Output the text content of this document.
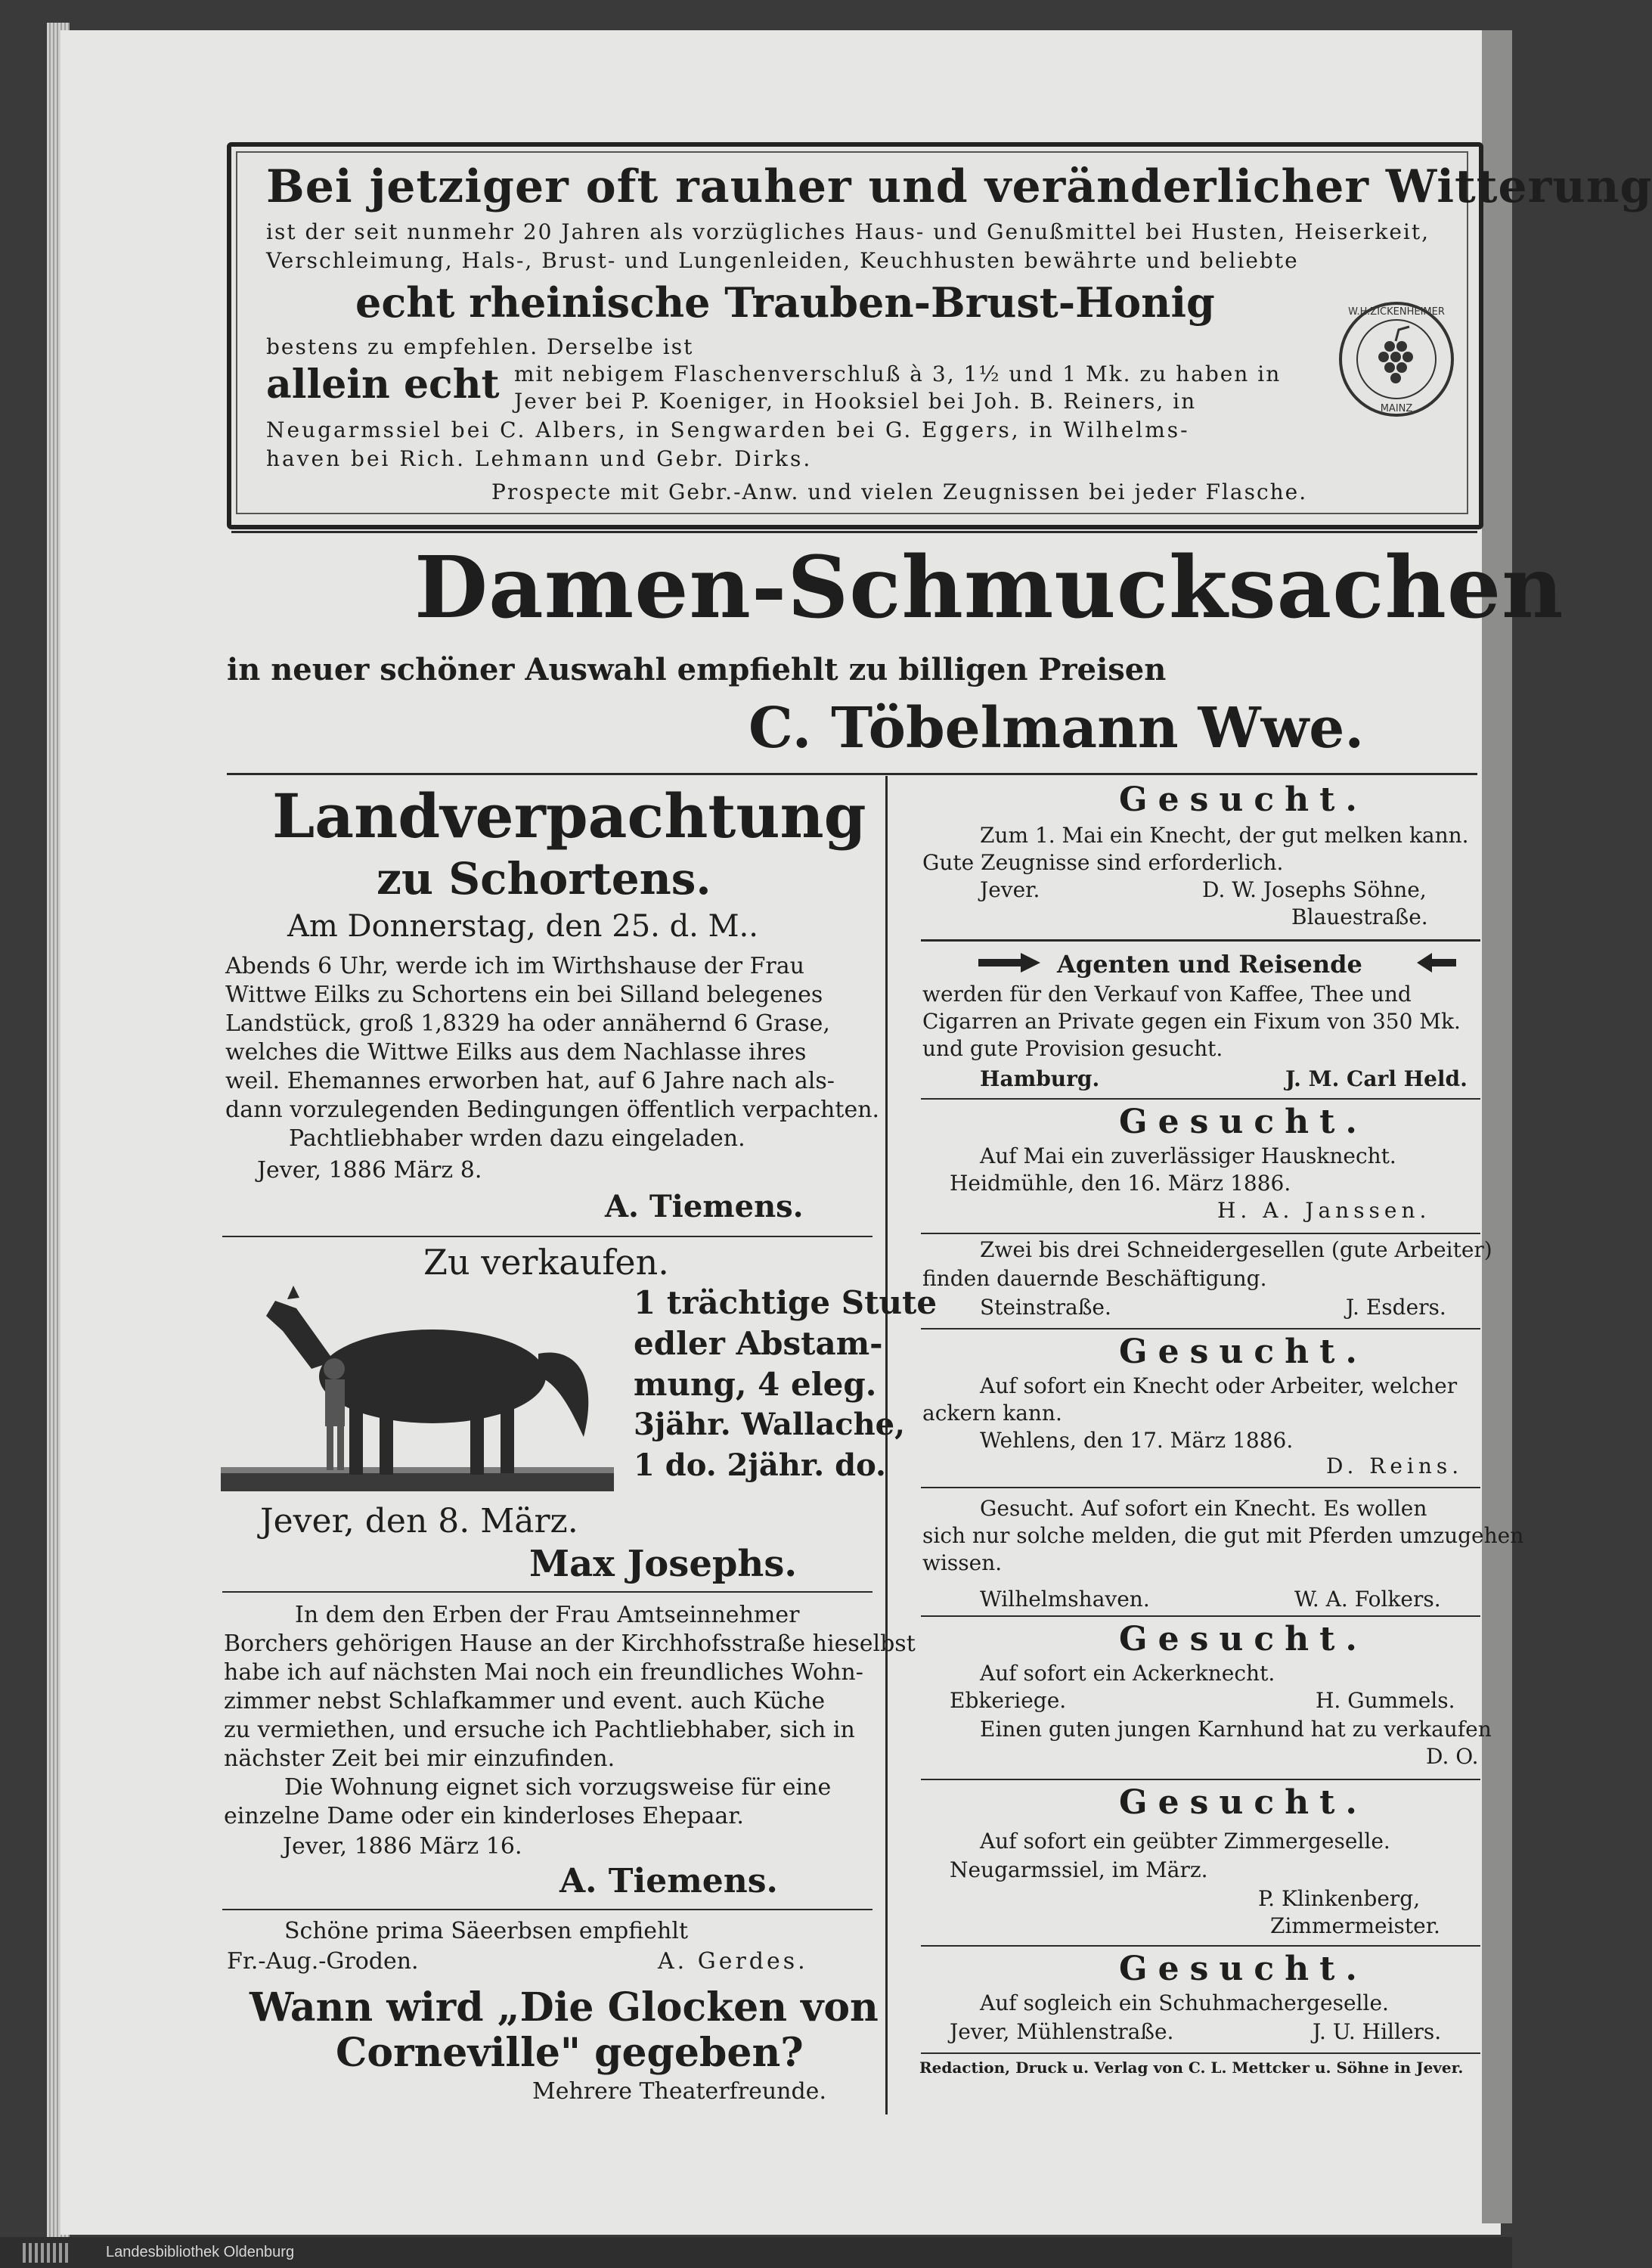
Bei jetziger oft rauher und veränderlicher Witterung
ist der seit nunmehr 20 Jahren als vorzügliches Haus- und Genußmittel bei Husten, Heiserkeit,
Verschleimung, Hals-, Brust- und Lungenleiden, Keuchhusten bewährte und beliebte
echt rheinische Trauben-Brust-Honig
bestens zu empfehlen. Derselbe ist
allein echt mit nebigem Flaschenverschluß à 3, 1½ und 1 Mk. zu haben in
Jever bei P. Koeniger, in Hooksiel bei Joh. B. Reiners, in
Neugarmssiel bei C. Albers, in Sengwarden bei G. Eggers, in Wilhelms-
haven bei Rich. Lehmann und Gebr. Dirks.
Prospecte mit Gebr.-Anw. und vielen Zeugnissen bei jeder Flasche.
W.H.ZICKENHEIMER
MAINZ
Damen-Schmucksachen
in neuer schöner Auswahl empfiehlt zu billigen Preisen
C. Töbelmann Wwe.
Landverpachtung
zu Schortens.
Am Donnerstag, den 25. d. M..
Abends 6 Uhr, werde ich im Wirthshause der Frau
Wittwe Eilks zu Schortens ein bei Silland belegenes
Landstück, groß 1,8329 ha oder annähernd 6 Grase,
welches die Wittwe Eilks aus dem Nachlasse ihres
weil. Ehemannes erworben hat, auf 6 Jahre nach als-
dann vorzulegenden Bedingungen öffentlich verpachten.
Pachtliebhaber wrden dazu eingeladen.
Jever, 1886 März 8.
A. Tiemens.
Zu verkaufen.
1 trächtige Stute
edler Abstam-
mung, 4 eleg.
3jähr. Wallache,
1 do. 2jähr. do.
Jever, den 8. März.
Max Josephs.
In dem den Erben der Frau Amtseinnehmer
Borchers gehörigen Hause an der Kirchhofsstraße hieselbst
habe ich auf nächsten Mai noch ein freundliches Wohn-
zimmer nebst Schlafkammer und event. auch Küche
zu vermiethen, und ersuche ich Pachtliebhaber, sich in
nächster Zeit bei mir einzufinden.
Die Wohnung eignet sich vorzugsweise für eine
einzelne Dame oder ein kinderloses Ehepaar.
Jever, 1886 März 16.
A. Tiemens.
Schöne prima Säeerbsen empfiehlt
Fr.-Aug.-Groden.	A. Gerdes.
Wann wird „Die Glocken von
Corneville" gegeben?
Mehrere Theaterfreunde.
Gesucht.
Zum 1. Mai ein Knecht, der gut melken kann.
Gute Zeugnisse sind erforderlich.
Jever.	D. W. Josephs Söhne,
Blauestraße.
Agenten und Reisende
werden für den Verkauf von Kaffee, Thee und
Cigarren an Private gegen ein Fixum von 350 Mk.
und gute Provision gesucht.
Hamburg.	J. M. Carl Held.
Gesucht.
Auf Mai ein zuverlässiger Hausknecht.
Heidmühle, den 16. März 1886.
H. A. Janssen.
Zwei bis drei Schneidergesellen (gute Arbeiter)
finden dauernde Beschäftigung.
Steinstraße.	J. Esders.
Gesucht.
Auf sofort ein Knecht oder Arbeiter, welcher
ackern kann.
Wehlens, den 17. März 1886.
D. Reins.
Gesucht. Auf sofort ein Knecht. Es wollen
sich nur solche melden, die gut mit Pferden umzugehen
wissen.
Wilhelmshaven.	W. A. Folkers.
Gesucht.
Auf sofort ein Ackerknecht.
Ebkeriege.	H. Gummels.
Einen guten jungen Karnhund hat zu verkaufen
D. O.
Gesucht.
Auf sofort ein geübter Zimmergeselle.
Neugarmssiel, im März.
P. Klinkenberg,
Zimmermeister.
Gesucht.
Auf sogleich ein Schuhmachergeselle.
Jever, Mühlenstraße.	J. U. Hillers.
Redaction, Druck u. Verlag von C. L. Mettcker u. Söhne in Jever.
Landesbibliothek Oldenburg
